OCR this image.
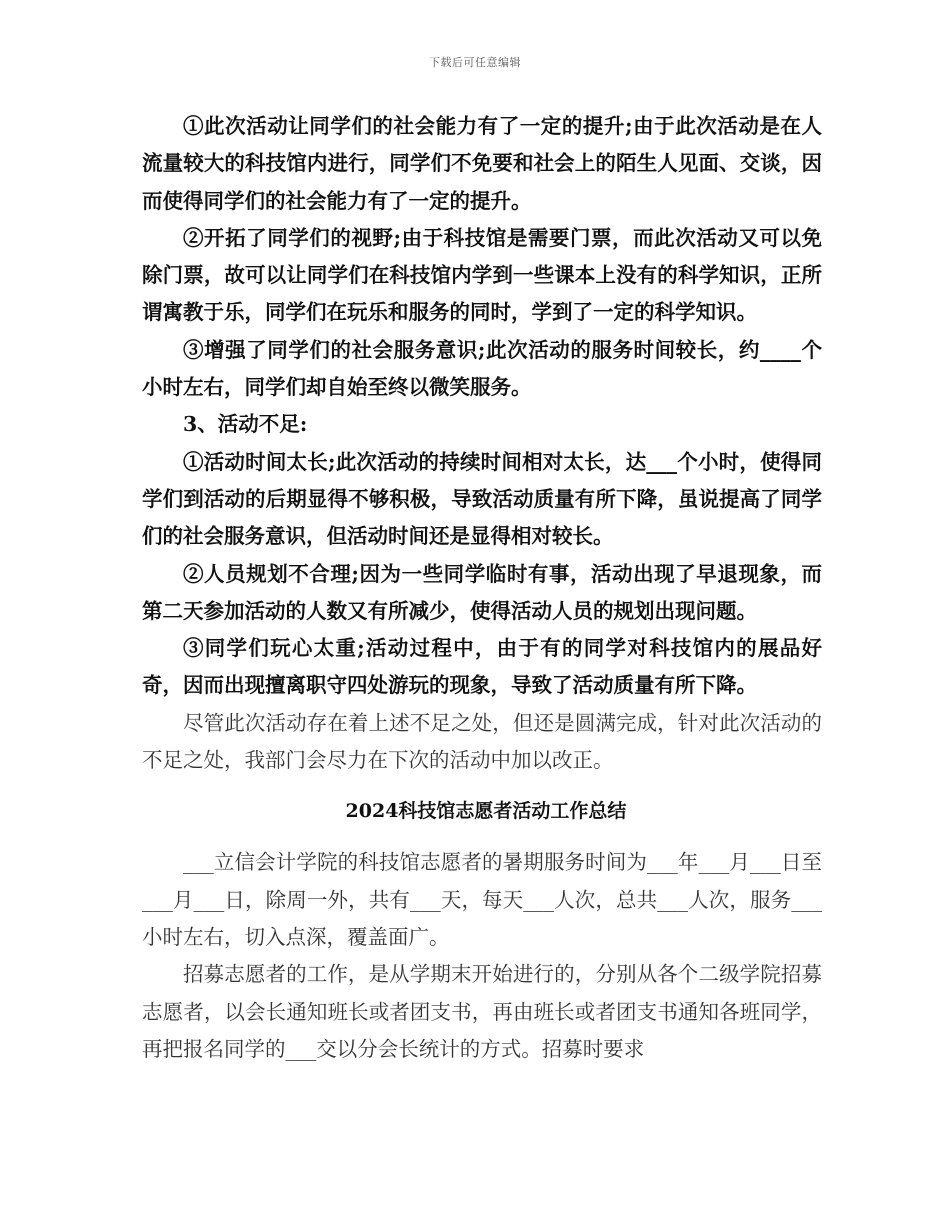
下载后可任意编辑

①此次活动让同学们的社会能力有了一定的提升;由于此次活动是在人流量较大的科技馆内进行，同学们不免要和社会上的陌生人见面、交谈，因而使得同学们的社会能力有了一定的提升。

②开拓了同学们的视野;由于科技馆是需要门票，而此次活动又可以免除门票，故可以让同学们在科技馆内学到一些课本上没有的科学知识，正所谓寓教于乐，同学们在玩乐和服务的同时，学到了一定的科学知识。

③增强了同学们的社会服务意识;此次活动的服务时间较长，约____个小时左右，同学们却自始至终以微笑服务。

3、活动不足:

①活动时间太长;此次活动的持续时间相对太长，达___个小时，使得同学们到活动的后期显得不够积极，导致活动质量有所下降，虽说提高了同学们的社会服务意识，但活动时间还是显得相对较长。

②人员规划不合理;因为一些同学临时有事，活动出现了早退现象，而第二天参加活动的人数又有所减少，使得活动人员的规划出现问题。

③同学们玩心太重;活动过程中，由于有的同学对科技馆内的展品好奇，因而出现擅离职守四处游玩的现象，导致了活动质量有所下降。

尽管此次活动存在着上述不足之处，但还是圆满完成，针对此次活动的不足之处，我部门会尽力在下次的活动中加以改正。

2024科技馆志愿者活动工作总结

___立信会计学院的科技馆志愿者的暑期服务时间为___年___月___日至___月___日，除周一外，共有___天，每天___人次，总共___人次，服务___小时左右，切入点深，覆盖面广。

招募志愿者的工作，是从学期末开始进行的，分别从各个二级学院招募志愿者，以会长通知班长或者团支书，再由班长或者团支书通知各班同学，再把报名同学的___交以分会长统计的方式。招募时要求
